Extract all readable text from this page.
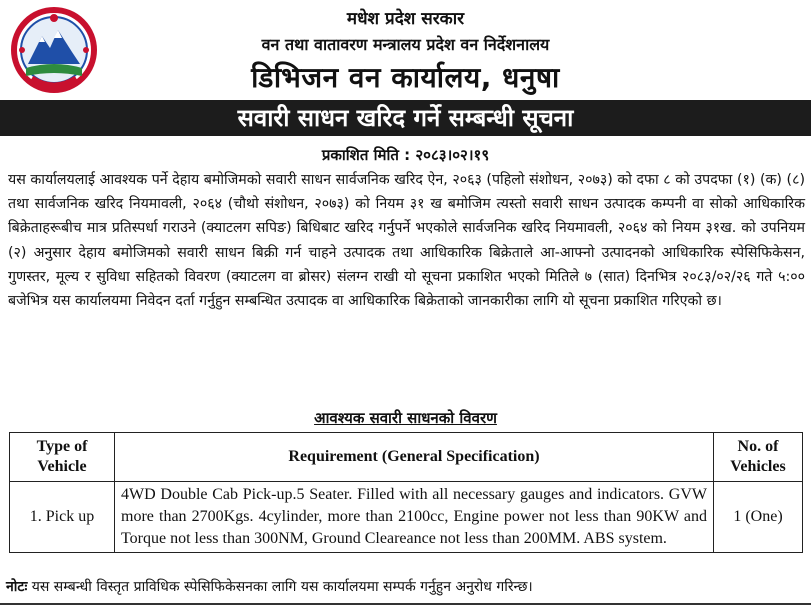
मधेश प्रदेश सरकार
वन तथा वातावरण मन्त्रालय प्रदेश वन निर्देशनालय
डिभिजन वन कार्यालय, धनुषा
सवारी साधन खरिद गर्ने सम्बन्धी सूचना
प्रकाशित मिति : २०८३।०२।१९
यस कार्यालयलाई आवश्यक पर्ने देहाय बमोजिमको सवारी साधन सार्वजनिक खरिद ऐन, २०६३ (पहिलो संशोधन, २०७३) को दफा ८ को उपदफा (१) (क) (८) तथा सार्वजनिक खरिद नियमावली, २०६४ (चौथो संशोधन, २०७३) को नियम ३१ ख बमोजिम त्यस्तो सवारी साधन उत्पादक कम्पनी वा सोको आधिकारिक बिक्रेताहरूबीच मात्र प्रतिस्पर्धा गराउने (क्याटलग सपिङ) बिधिबाट खरिद गर्नुपर्ने भएकोले सार्वजनिक खरिद नियमावली, २०६४ को नियम ३१ख. को उपनियम (२) अनुसार देहाय बमोजिमको सवारी साधन बिक्री गर्न चाहने उत्पादक तथा आधिकारिक बिक्रेताले आ-आफ्नो उत्पादनको आधिकारिक स्पेसिफिकेसन, गुणस्तर, मूल्य र सुविधा सहितको विवरण (क्याटलग वा ब्रोसर) संलग्न राखी यो सूचना प्रकाशित भएको मितिले ७ (सात) दिनभित्र २०८३/०२/२६ गते ५:०० बजेभित्र यस कार्यालयमा निवेदन दर्ता गर्नुहुन सम्बन्धित उत्पादक वा आधिकारिक बिक्रेताको जानकारीका लागि यो सूचना प्रकाशित गरिएको छ।
आवश्यक सवारी साधनको विवरण
Type of Vehicle	Requirement (General Specification)	No. of Vehicles
1. Pick up	4WD Double Cab Pick-up.5 Seater. Filled with all necessary gauges and indicators. GVW more than 2700Kgs. 4cylinder, more than 2100cc, Engine power not less than 90KW and Torque not less than 300NM, Ground Cleareance not less than 200MM. ABS system.	1 (One)
नोटः यस सम्बन्धी विस्तृत प्राविधिक स्पेसिफिकेसनका लागि यस कार्यालयमा सम्पर्क गर्नुहुन अनुरोध गरिन्छ।
